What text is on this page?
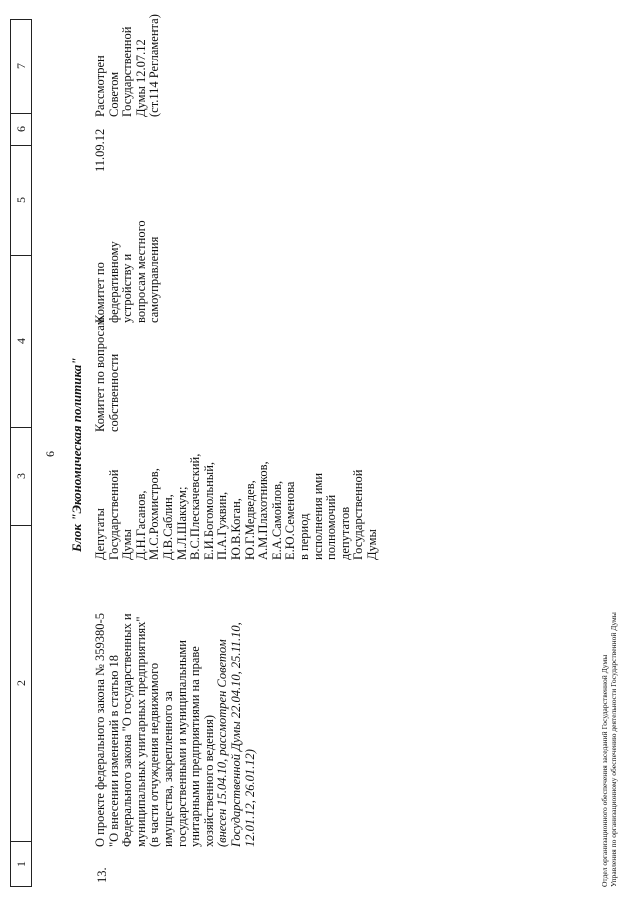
1
2
3
4
5
6
7
6 Блок "Экономическая политика"
13.
О проекте федерального закона № 359380-5 "О внесении изменений в статью 18 Федерального закона "О государственных и муниципальных унитарных предприятиях" (в части отчуждения недвижимого имущества, закрепленного за государственными и муниципальными унитарными предприятиями на праве хозяйственного ведения) (внесен 15.04.10, рассмотрен Советом Государственной Думы 22.04.10, 25.11.10, 12.01.12, 26.01.12)
Депутаты Государственной Думы Д.Н.Гасанов, М.С.Рохмистров, Д.В.Саблин, М.Л.Шаккум; В.С.Плескачевский, Е.И.Богомольный, П.А.Гужвин, Ю.В.Коган, Ю.Г.Медведев, А.М.Плахотников, Е.А.Самойлов, Е.Ю.Семенова в период исполнения ими полномочий депутатов Государственной Думы
Комитет по вопросам собственности
Комитет по федеративному устройству и вопросам местного самоуправления
11.09.12
Рассмотрен Советом Государственной Думы 12.07.12 (ст.114 Регламента)
Отдел организационного обеспечения заседаний Государственной Думы Управления по организационному обеспечению деятельности Государственной Думы
